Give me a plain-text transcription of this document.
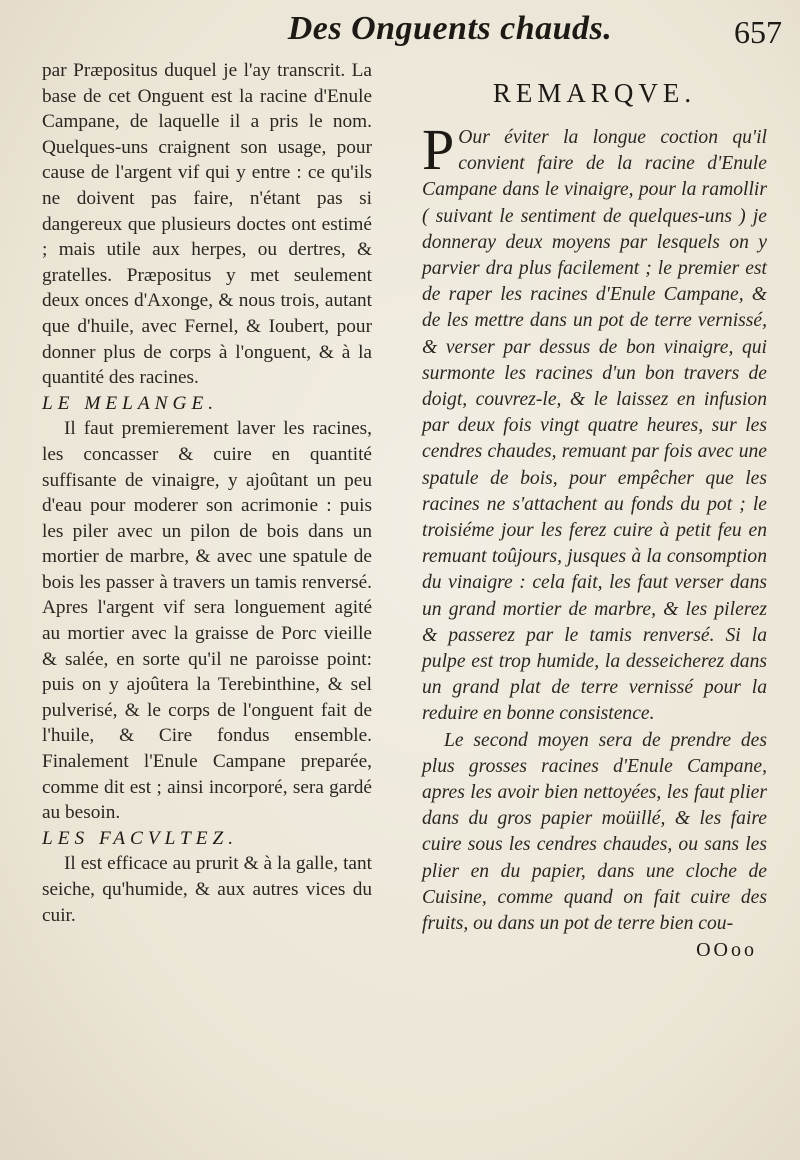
Des Onguents chauds.	657

par Præpositus duquel je l'ay transcrit. La base de cet Onguent est la racine d'Enule Campane, de laquelle il a pris le nom. Quelques-uns craignent son usage, pour cause de l'argent vif qui y entre : ce qu'ils ne doivent pas faire, n'étant pas si dangereux que plusieurs doctes ont estimé ; mais utile aux herpes, ou dertres, & gratelles. Præpositus y met seulement deux onces d'Axonge, & nous trois, autant que d'huile, avec Fernel, & Ioubert, pour donner plus de corps à l'onguent, & à la quantité des racines.

LE MELANGE.

Il faut premierement laver les racines, les concasser & cuire en quantité suffisante de vinaigre, y ajoûtant un peu d'eau pour moderer son acrimonie : puis les piler avec un pilon de bois dans un mortier de marbre, & avec une spatule de bois les passer à travers un tamis renversé. Apres l'argent vif sera longuement agité au mortier avec la graisse de Porc vieille & salée, en sorte qu'il ne paroisse point: puis on y ajoûtera la Terebinthine, & sel pulverisé, & le corps de l'onguent fait de l'huile, & Cire fondus ensemble. Finalement l'Enule Campane preparée, comme dit est ; ainsi incorporé, sera gardé au besoin.

LES FACVLTEZ.

Il est efficace au prurit & à la galle, tant seiche, qu'humide, & aux autres vices du cuir.

REMARQVE.

P Our éviter la longue coction qu'il convient faire de la racine d'Enule Campane dans le vinaigre, pour la ramollir ( suivant le sentiment de quelques-uns ) je donneray deux moyens par lesquels on y parvier dra plus facilement ; le premier est de raper les racines d'Enule Campane, & de les mettre dans un pot de terre vernissé, & verser par dessus de bon vinaigre, qui surmonte les racines d'un bon travers de doigt, couvrez-le, & le laissez en infusion par deux fois vingt quatre heures, sur les cendres chaudes, remuant par fois avec une spatule de bois, pour empêcher que les racines ne s'attachent au fonds du pot ; le troisiéme jour les ferez cuire à petit feu en remuant toûjours, jusques à la consomption du vinaigre : cela fait, les faut verser dans un grand mortier de marbre, & les pilerez & passerez par le tamis renversé. Si la pulpe est trop humide, la desseicherez dans un grand plat de terre vernissé pour la reduire en bonne consistence.

Le second moyen sera de prendre des plus grosses racines d'Enule Campane, apres les avoir bien nettoyées, les faut plier dans du gros papier moüillé, & les faire cuire sous les cendres chaudes, ou sans les plier en du papier, dans une cloche de Cuisine, comme quand on fait cuire des fruits, ou dans un pot de terre bien cou-

OOoo
